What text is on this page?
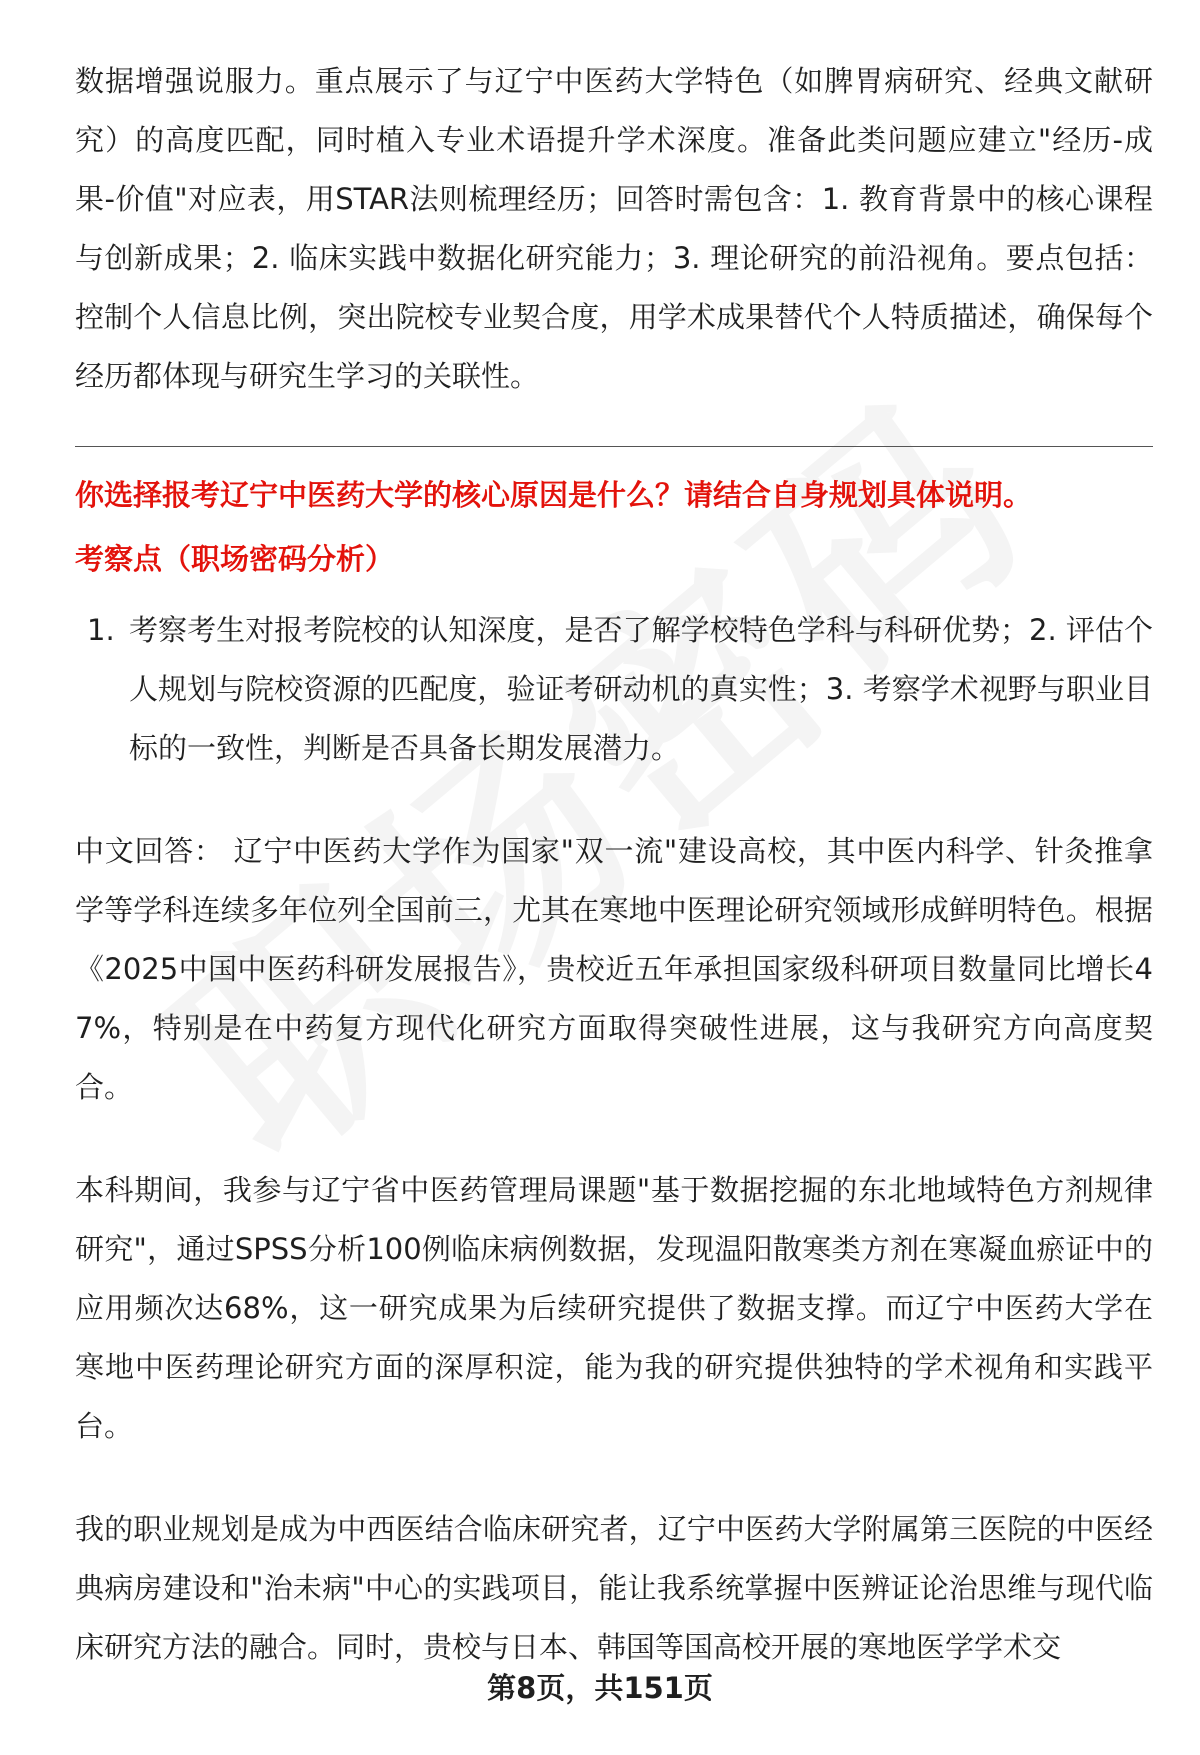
数据增强说服力。重点展示了与辽宁中医药大学特色（如脾胃病研究、经典文献研究）的高度匹配，同时植入专业术语提升学术深度。准备此类问题应建立"经历-成果-价值"对应表，用STAR法则梳理经历；回答时需包含：1. 教育背景中的核心课程与创新成果；2. 临床实践中数据化研究能力；3. 理论研究的前沿视角。要点包括：控制个人信息比例，突出院校专业契合度，用学术成果替代个人特质描述，确保每个经历都体现与研究生学习的关联性。

你选择报考辽宁中医药大学的核心原因是什么？请结合自身规划具体说明。

考察点（职场密码分析）

1. 考察考生对报考院校的认知深度，是否了解学校特色学科与科研优势；2. 评估个人规划与院校资源的匹配度，验证考研动机的真实性；3. 考察学术视野与职业目标的一致性，判断是否具备长期发展潜力。

中文回答： 辽宁中医药大学作为国家"双一流"建设高校，其中医内科学、针灸推拿学等学科连续多年位列全国前三，尤其在寒地中医理论研究领域形成鲜明特色。根据《2025中国中医药科研发展报告》，贵校近五年承担国家级科研项目数量同比增长47%，特别是在中药复方现代化研究方面取得突破性进展，这与我研究方向高度契合。

本科期间，我参与辽宁省中医药管理局课题"基于数据挖掘的东北地域特色方剂规律研究"，通过SPSS分析100例临床病例数据，发现温阳散寒类方剂在寒凝血瘀证中的应用频次达68%，这一研究成果为后续研究提供了数据支撑。而辽宁中医药大学在寒地中医药理论研究方面的深厚积淀，能为我的研究提供独特的学术视角和实践平台。

我的职业规划是成为中西医结合临床研究者，辽宁中医药大学附属第三医院的中医经典病房建设和"治未病"中心的实践项目，能让我系统掌握中医辨证论治思维与现代临床研究方法的融合。同时，贵校与日本、韩国等国高校开展的寒地医学学术交

第8页，共151页
